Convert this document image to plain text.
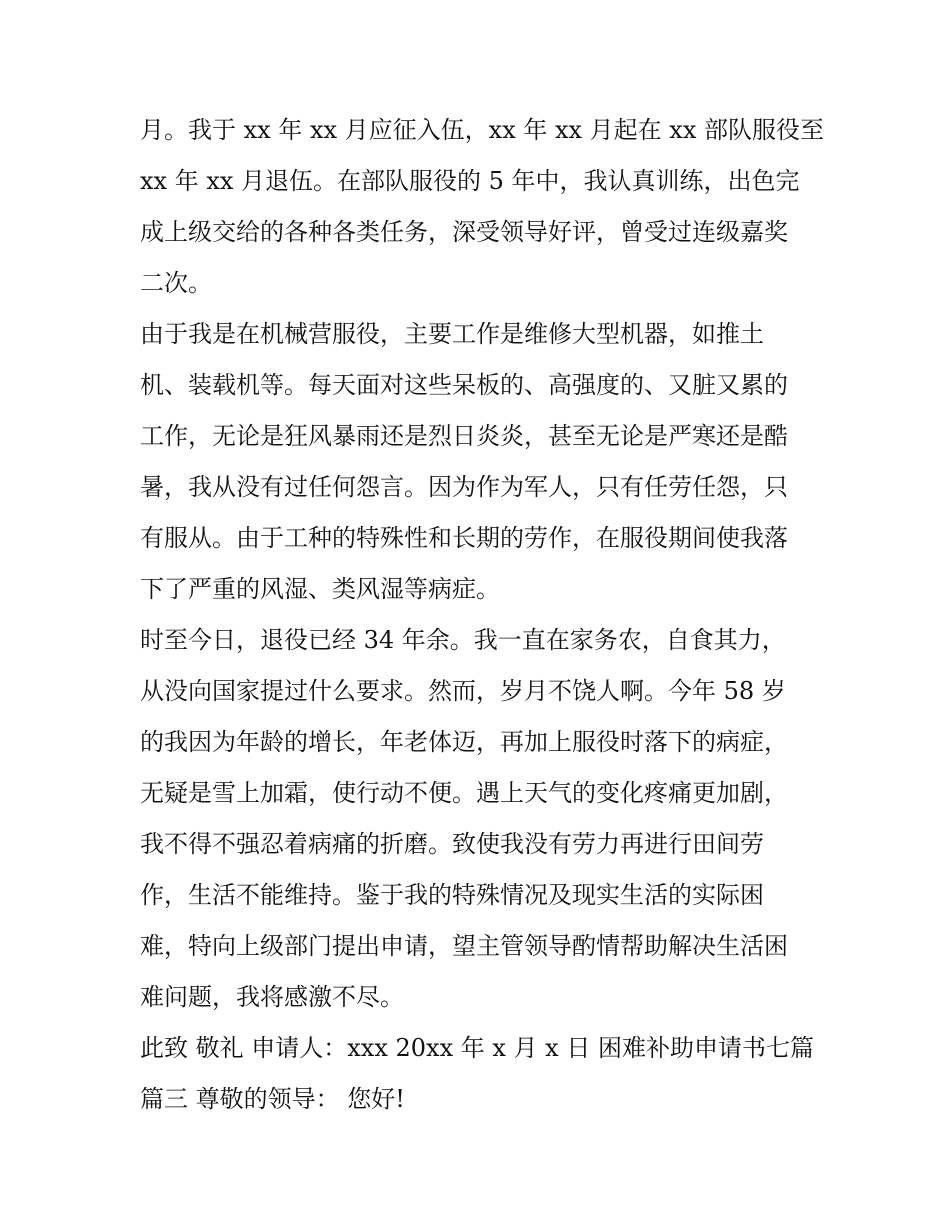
月。我于 xx 年 xx 月应征入伍，xx 年 xx 月起在 xx 部队服役至
xx 年 xx 月退伍。在部队服役的 5 年中，我认真训练，出色完
成上级交给的各种各类任务，深受领导好评，曾受过连级嘉奖
二次。
由于我是在机械营服役，主要工作是维修大型机器，如推土
机、装载机等。每天面对这些呆板的、高强度的、又脏又累的
工作，无论是狂风暴雨还是烈日炎炎，甚至无论是严寒还是酷
暑，我从没有过任何怨言。因为作为军人，只有任劳任怨，只
有服从。由于工种的特殊性和长期的劳作，在服役期间使我落
下了严重的风湿、类风湿等病症。
时至今日，退役已经 34 年余。我一直在家务农，自食其力，
从没向国家提过什么要求。然而，岁月不饶人啊。今年 58 岁
的我因为年龄的增长，年老体迈，再加上服役时落下的病症，
无疑是雪上加霜，使行动不便。遇上天气的变化疼痛更加剧，
我不得不强忍着病痛的折磨。致使我没有劳力再进行田间劳
作，生活不能维持。鉴于我的特殊情况及现实生活的实际困
难，特向上级部门提出申请，望主管领导酌情帮助解决生活困
难问题，我将感激不尽。
此致 敬礼 申请人：xxx 20xx 年 x 月 x 日 困难补助申请书七篇
篇三 尊敬的领导： 您好!
